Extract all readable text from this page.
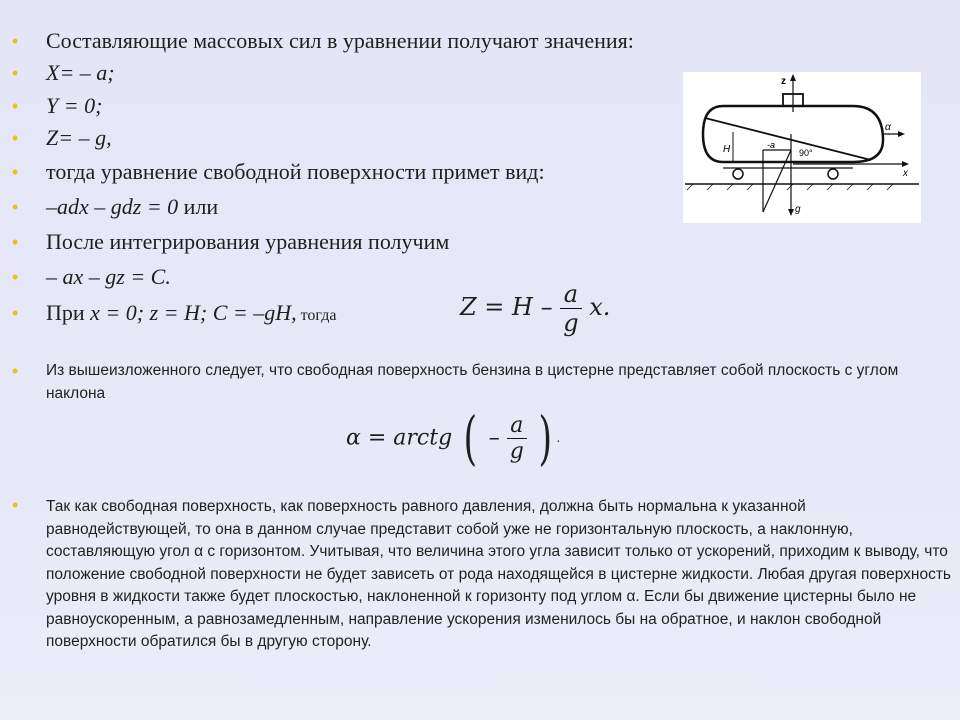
•
•
•
•
•
•
•
•
•
•
•
Составляющие массовых сил в уравнении получают значения:
X= – a;
Y = 0;
Z= – g,
тогда уравнение свободной поверхности примет вид:
–adx – gdz = 0 или
После интегрирования уравнения получим
– ax – gz = C.
При x = 0; z = H; C = –gH, тогда	$Z = H - \frac{a}{g} x$.
Из вышеизложенного следует, что свободная поверхность бензина в цистерне представляет собой плоскость с углом наклона
α = arctg ( – $\frac{a}{g}$ ) .
Так как свободная поверхность, как поверхность равного давления, должна быть нормальна к указанной равнодействующей, то она в данном случае представит собой уже не горизонтальную плоскость, а наклонную, составляющую угол α с горизонтом. Учитывая, что величина этого угла зависит только от ускорений, приходим к выводу, что положение свободной поверхности не будет зависеть от рода находящейся в цистерне жидкости. Любая другая поверхность уровня в жидкости также будет плоскостью, наклоненной к горизонту под углом α. Если бы движение цистерны было не равноускоренным, а равнозамедленным, направление ускорения изменилось бы на обратное, и наклон свободной поверхности обратился бы в другую сторону.
z
x
α
H
g
-a
90°
